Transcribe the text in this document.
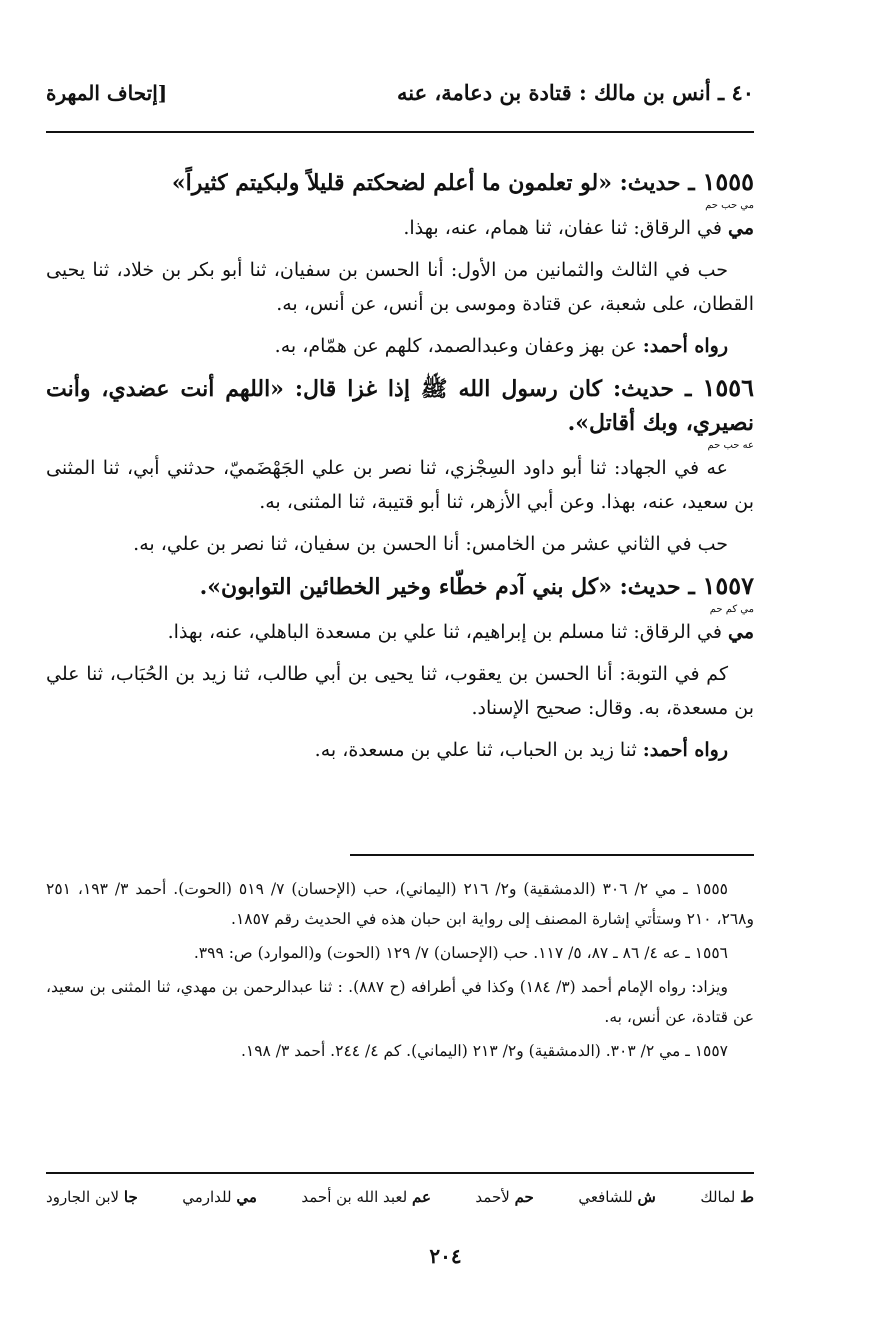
٤٠ ـ أنس بن مالك : قتادة بن دعامة، عنه
[إتحاف المهرة
١٥٥٥ ـ حديث: «لو تعلمون ما أعلم لضحكتم قليلاً ولبكيتم كثيراً»
مي حب حم
مي في الرقاق: ثنا عفان، ثنا همام، عنه، بهذا.
حب في الثالث والثمانين من الأول: أنا الحسن بن سفيان، ثنا أبو بكر بن خلاد، ثنا يحيى القطان، على شعبة، عن قتادة وموسى بن أنس، عن أنس، به.
رواه أحمد: عن بهز وعفان وعبدالصمد، كلهم عن همّام، به.
١٥٥٦ ـ حديث: كان رسول الله ﷺ إذا غزا قال: «اللهم أنت عضدي، وأنت نصيري، وبك أقاتل».
عه حب حم
عه في الجهاد: ثنا أبو داود السِجْزي، ثنا نصر بن علي الجَهْضَميّ، حدثني أبي، ثنا المثنى بن سعيد، عنه، بهذا. وعن أبي الأزهر، ثنا أبو قتيبة، ثنا المثنى، به.
حب في الثاني عشر من الخامس: أنا الحسن بن سفيان، ثنا نصر بن علي، به.
١٥٥٧ ـ حديث: «كل بني آدم خطّاء وخير الخطائين التوابون».
مي كم حم
مي في الرقاق: ثنا مسلم بن إبراهيم، ثنا علي بن مسعدة الباهلي، عنه، بهذا.
كم في التوبة: أنا الحسن بن يعقوب، ثنا يحيى بن أبي طالب، ثنا زيد بن الحُبَاب، ثنا علي بن مسعدة، به. وقال: صحيح الإسناد.
رواه أحمد: ثنا زيد بن الحباب، ثنا علي بن مسعدة، به.
١٥٥٥ ـ مي ٢/ ٣٠٦ (الدمشقية) و٢/ ٢١٦ (اليماني)، حب (الإحسان) ٧/ ٥١٩ (الحوت). أحمد ٣/ ١٩٣، ٢٥١ و٢٦٨، ٢١٠ وستأتي إشارة المصنف إلى رواية ابن حبان هذه في الحديث رقم ١٨٥٧.
١٥٥٦ ـ عه ٤/ ٨٦ ـ ٨٧، ٥/ ١١٧. حب (الإحسان) ٧/ ١٢٩ (الحوت) و(الموارد) ص: ٣٩٩.
ويزاد: رواه الإمام أحمد (٣/ ١٨٤) وكذا في أطرافه (ح ٨٨٧). : ثنا عبدالرحمن بن مهدي، ثنا المثنى بن سعيد، عن قتادة، عن أنس، به.
١٥٥٧ ـ مي ٢/ ٣٠٣. (الدمشقية) و٢/ ٢١٣ (اليماني). كم ٤/ ٢٤٤. أحمد ٣/ ١٩٨.
ط لمالك
ش للشافعي
حم لأحمد
عم لعبد الله بن أحمد
مي للدارمي
جا لابن الجارود
٢٠٤
